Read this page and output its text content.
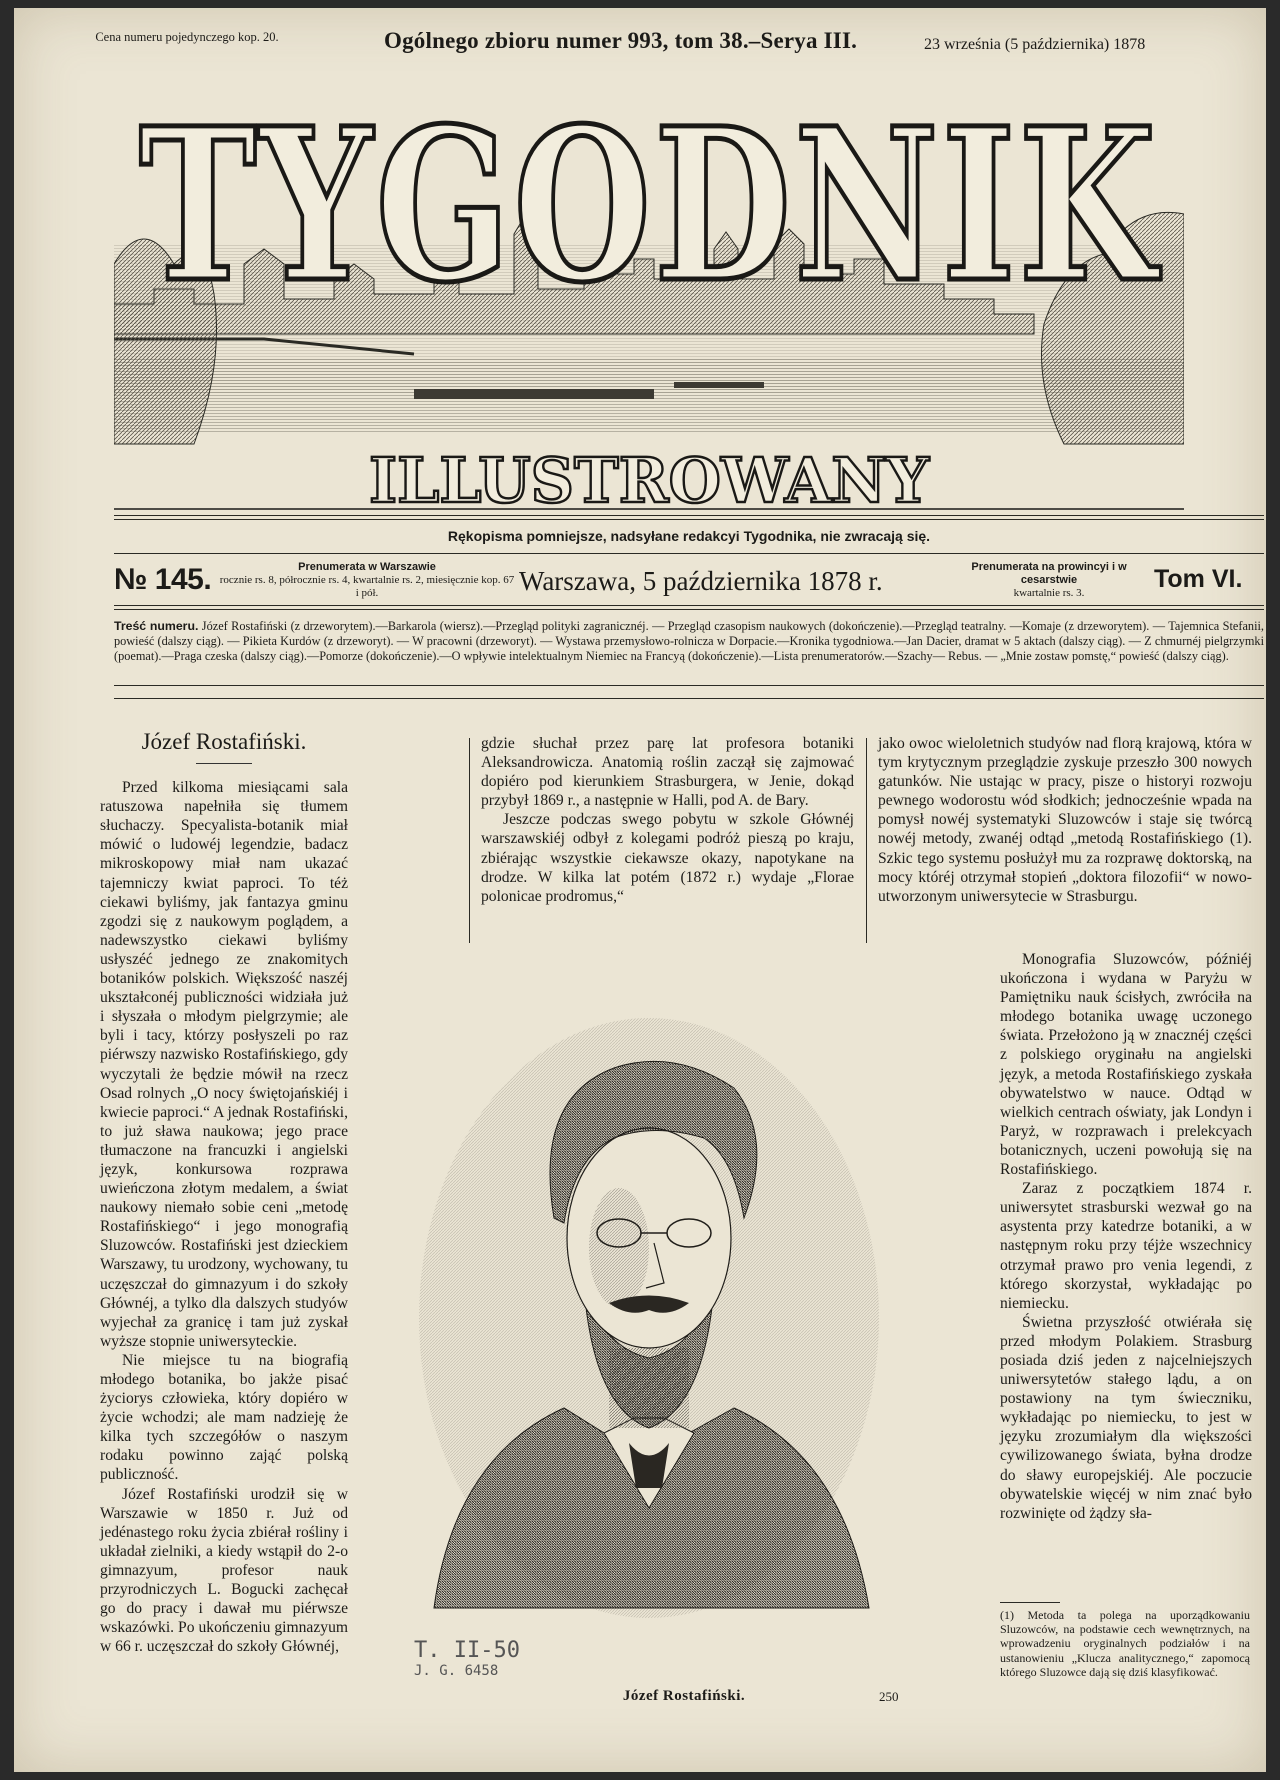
Cena numeru pojedynczego kop. 20.	Ogólnego zbioru numer 993, tom 38.–Serya III.	23 września (5 października) 1878
TYGODNIK
ILLUSTROWANY
Rękopisma pomniejsze, nadsyłane redakcyi Tygodnika, nie zwracają się.
№ 145.	Prenumerata w Warszawie
rocznie rs. 8, półrocznie rs. 4, kwartalnie rs. 2, miesięcznie kop. 67 i pół.	Warszawa, 5 października 1878 r.	Prenumerata na prowincyi i w cesarstwie
kwartalnie rs. 3.	Tom VI.
Treść numeru. Józef Rostafiński (z drzeworytem).—Barkarola (wiersz).—Przegląd polityki zagranicznéj. — Przegląd czasopism naukowych (dokończenie).—Przegląd teatralny. —Komaje (z drzeworytem). — Tajemnica Stefanii, powieść (dalszy ciąg). — Pikieta Kurdów (z drzeworyt). — W pracowni (drzeworyt). — Wystawa przemysłowo-rolnicza w Dorpacie.—Kronika tygodniowa.—Jan Dacier, dramat w 5 aktach (dalszy ciąg). — Z chmurnéj pielgrzymki (poemat).—Praga czeska (dalszy ciąg).—Pomorze (dokończenie).—O wpływie intelektualnym Niemiec na Francyą (dokończenie).—Lista prenumeratorów.—Szachy— Rebus. — „Mnie zostaw pomstę,“ powieść (dalszy ciąg).

Józef Rostafiński.

Przed kilkoma miesiącami sala ratuszowa napełniła się tłumem słuchaczy. Specyalista-botanik miał mówić o ludowéj legendzie, badacz mikroskopowy miał nam ukazać tajemniczy kwiat paproci. To téż ciekawi byliśmy, jak fantazya gminu zgodzi się z naukowym poglądem, a nadewszystko ciekawi byliśmy usłyszéć jednego ze znakomitych botaników polskich. Większość naszéj ukształconéj publiczności widziała już i słyszała o młodym pielgrzymie; ale byli i tacy, którzy posłyszeli po raz piérwszy nazwisko Rostafińskiego, gdy wyczytali że będzie mówił na rzecz Osad rolnych „O nocy świętojańskiéj i kwiecie paproci.“ A jednak Rostafiński, to już sława naukowa; jego prace tłumaczone na francuzki i angielski język, konkursowa rozprawa uwieńczona złotym medalem, a świat naukowy niemało sobie ceni „metodę Rostafińskiego“ i jego monografią Sluzowców. Rostafiński jest dzieckiem Warszawy, tu urodzony, wychowany, tu uczęszczał do gimnazyum i do szkoły Głównéj, a tylko dla dalszych studyów wyjechał za granicę i tam już zyskał wyższe stopnie uniwersyteckie.

Nie miejsce tu na biografią młodego botanika, bo jakże pisać życiorys człowieka, który dopiéro w życie wchodzi; ale mam nadzieję że kilka tych szczegółów o naszym rodaku powinno zająć polską publiczność.

Józef Rostafiński urodził się w Warszawie w 1850 r. Już od jedénastego roku życia zbiérał rośliny i układał zielniki, a kiedy wstąpił do 2-o gimnazyum, profesor nauk przyrodniczych L. Bogucki zachęcał go do pracy i dawał mu piérwsze wskazówki. Po ukończeniu gimnazyum w 66 r. uczęszczał do szkoły Głównéj,

gdzie słuchał przez parę lat profesora botaniki Aleksandrowicza. Anatomią roślin zaczął się zajmować dopiéro pod kierunkiem Strasburgera, w Jenie, dokąd przybył 1869 r., a następnie w Halli, pod A. de Bary.

Jeszcze podczas swego pobytu w szkole Głównéj warszawskiéj odbył z kolegami podróż pieszą po kraju, zbiérając wszystkie ciekawsze okazy, napotykane na drodze. W kilka lat potém (1872 r.) wydaje „Florae polonicae prodromus,“

jako owoc wieloletnich studyów nad florą krajową, która w tym krytycznym przeglądzie zyskuje przeszło 300 nowych gatunków. Nie ustając w pracy, pisze o historyi rozwoju pewnego wodorostu wód słodkich; jednocześnie wpada na pomysł nowéj systematyki Sluzowców i staje się twórcą nowéj metody, zwanéj odtąd „metodą Rostafińskiego (1). Szkic tego systemu posłużył mu za rozprawę doktorską, na mocy któréj otrzymał stopień „doktora filozofii“ w nowo-utworzonym uniwersytecie w Strasburgu.

Monografia Sluzowców, późniéj ukończona i wydana w Paryżu w Pamiętniku nauk ścisłych, zwróciła na młodego botanika uwagę uczonego świata. Przełożono ją w znacznéj części z polskiego oryginału na angielski język, a metoda Rostafińskiego zyskała obywatelstwo w nauce. Odtąd w wielkich centrach oświaty, jak Londyn i Paryż, w rozprawach i prelekcyach botanicznych, uczeni powołują się na Rostafińskiego.

Zaraz z początkiem 1874 r. uniwersytet strasburski wezwał go na asystenta przy katedrze botaniki, a w następnym roku przy téjże wszechnicy otrzymał prawo pro venia legendi, z którego skorzystał, wykładając po niemiecku.

Świetna przyszłość otwiérała się przed młodym Polakiem. Strasburg posiada dziś jeden z najcelniejszych uniwersytetów stałego lądu, a on postawiony na tym świeczniku, wykładając po niemiecku, to jest w języku zrozumiałym dla większości cywilizowanego świata, byłna drodze do sławy europejskiéj. Ale poczucie obywatelskie więcéj w nim znać było rozwinięte od żądzy sła-

T. II-50
J. G. 6458
Józef Rostafiński.	250
(1) Metoda ta polega na uporządkowaniu Sluzowców, na podstawie cech wewnętrznych, na wprowadzeniu oryginalnych podziałów i na ustanowieniu „Klucza analitycznego,“ zapomocą którego Sluzowce dają się dziś klasyfikować.
